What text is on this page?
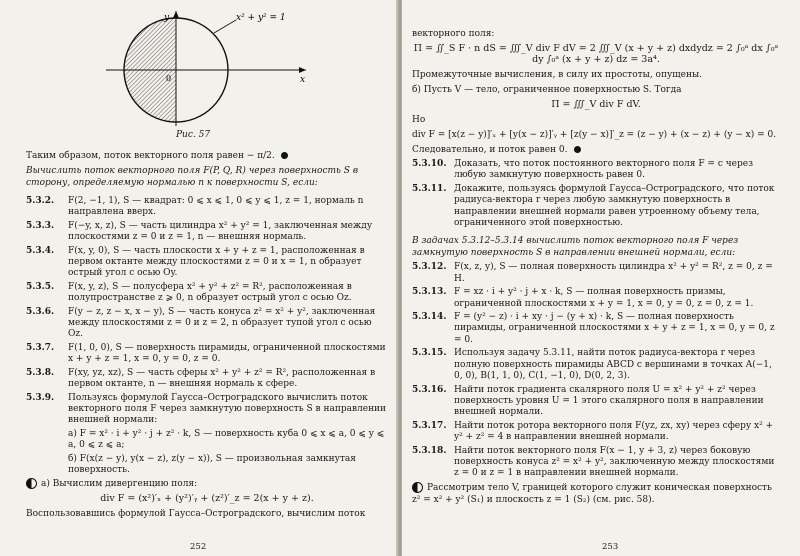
y
x
0
x² + y² = 1
Рис. 57
Таким образом, поток векторного поля равен − π/2.
Вычислить поток векторного поля F(P, Q, R) через поверхность S в сторону, определяемую нормалью n к поверхности S, если:
5.3.2.	F(2, −1, 1), S — квадрат: 0 ⩽ x ⩽ 1, 0 ⩽ y ⩽ 1, z = 1, нормаль n направлена вверх.
5.3.3.	F(−y, x, z), S — часть цилиндра x² + y² = 1, заключенная между плоскостями z = 0 и z = 1, n — внешняя нормаль.
5.3.4.	F(x, y, 0), S — часть плоскости x + y + z = 1, расположенная в первом октанте между плоскостями z = 0 и x = 1, n образует острый угол с осью Oy.
5.3.5.	F(x, y, z), S — полусфера x² + y² + z² = R², расположенная в полупространстве z ⩾ 0, n образует острый угол с осью Oz.
5.3.6.	F(y − z, z − x, x − y), S — часть конуса z² = x² + y², заключенная между плоскостями z = 0 и z = 2, n образует тупой угол с осью Oz.
5.3.7.	F(1, 0, 0), S — поверхность пирамиды, ограниченной плоскостями x + y + z = 1, x = 0, y = 0, z = 0.
5.3.8.	F(xy, yz, xz), S — часть сферы x² + y² + z² = R², расположенная в первом октанте, n — внешняя нормаль к сфере.
5.3.9.	Пользуясь формулой Гаусса–Остроградского вычислить поток векторного поля F через замкнутую поверхность S в направлении внешней нормали:
а) F = x² · i + y² · j + z² · k, S — поверхность куба 0 ⩽ x ⩽ a, 0 ⩽ y ⩽ a, 0 ⩽ z ⩽ a;
б) F(x(z − y), y(x − z), z(y − x)), S — произвольная замкнутая поверхность.
а) Вычислим дивергенцию поля:
div F = (x²)′ₓ + (y²)′ᵧ + (z²)′_z = 2(x + y + z).
Воспользовавшись формулой Гаусса–Остроградского, вычислим поток
252
векторного поля:
Π = ∬_S F · n dS = ∭_V div F dV = 2 ∭_V (x + y + z) dxdydz = 2 ∫₀ᵃ dx ∫₀ᵃ dy ∫₀ᵃ (x + y + z) dz = 3a⁴.
Промежуточные вычисления, в силу их простоты, опущены.
б) Пусть V — тело, ограниченное поверхностью S. Тогда
Π = ∭_V div F dV.
Но
div F = [x(z − y)]′ₓ + [y(x − z)]′ᵧ + [z(y − x)]′_z = (z − y) + (x − z) + (y − x) = 0.
Следовательно, и поток равен 0.
5.3.10. Доказать, что поток постоянного векторного поля F = c через любую замкнутую поверхность равен 0.
5.3.11. Докажите, пользуясь формулой Гаусса–Остроградского, что поток радиуса-вектора r через любую замкнутую поверхность в направлении внешней нормали равен утроенному объему тела, ограниченного этой поверхностью.
В задачах 5.3.12–5.3.14 вычислить поток векторного поля F через замкнутую поверхность S в направлении внешней нормали, если:
5.3.12. F(x, z, y), S — полная поверхность цилиндра x² + y² = R², z = 0, z = H.
5.3.13. F = xz · i + y² · j + x · k, S — полная поверхность призмы, ограниченной плоскостями x + y = 1, x = 0, y = 0, z = 0, z = 1.
5.3.14. F = (y² − z) · i + xy · j − (y + x) · k, S — полная поверхность пирамиды, ограниченной плоскостями x + y + z = 1, x = 0, y = 0, z = 0.
5.3.15. Используя задачу 5.3.11, найти поток радиуса-вектора r через полную поверхность пирамиды ABCD с вершинами в точках A(−1, 0, 0), B(1, 1, 0), C(1, −1, 0), D(0, 2, 3).
5.3.16. Найти поток градиента скалярного поля U = x² + y² + z² через поверхность уровня U = 1 этого скалярного поля в направлении внешней нормали.
5.3.17. Найти поток ротора векторного поля F(yz, zx, xy) через сферу x² + y² + z² = 4 в направлении внешней нормали.
5.3.18. Найти поток векторного поля F(x − 1, y + 3, z) через боковую поверхность конуса z² = x² + y², заключенную между плоскостями z = 0 и z = 1 в направлении внешней нормали.
Рассмотрим тело V, границей которого служит коническая поверхность z² = x² + y² (S₁) и плоскость z = 1 (S₂) (см. рис. 58).
253
